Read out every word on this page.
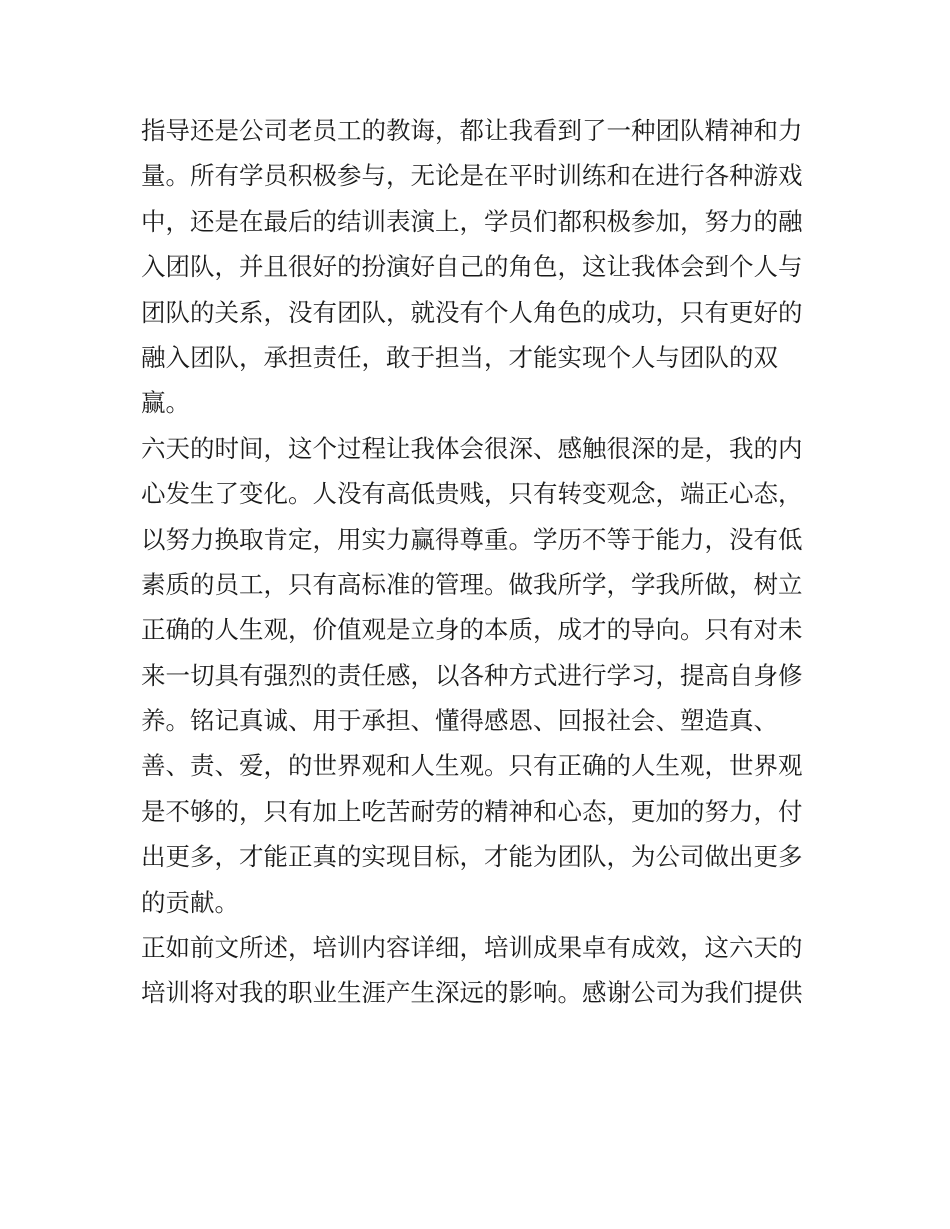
指导还是公司老员工的教诲，都让我看到了一种团队精神和力
量。所有学员积极参与，无论是在平时训练和在进行各种游戏
中，还是在最后的结训表演上，学员们都积极参加，努力的融
入团队，并且很好的扮演好自己的角色，这让我体会到个人与
团队的关系，没有团队，就没有个人角色的成功，只有更好的
融入团队，承担责任，敢于担当，才能实现个人与团队的双
赢。
六天的时间，这个过程让我体会很深、感触很深的是，我的内
心发生了变化。人没有高低贵贱，只有转变观念，端正心态，
以努力换取肯定，用实力赢得尊重。学历不等于能力，没有低
素质的员工，只有高标准的管理。做我所学，学我所做，树立
正确的人生观，价值观是立身的本质，成才的导向。只有对未
来一切具有强烈的责任感，以各种方式进行学习，提高自身修
养。铭记真诚、用于承担、懂得感恩、回报社会、塑造真、
善、责、爱，的世界观和人生观。只有正确的人生观，世界观
是不够的，只有加上吃苦耐劳的精神和心态，更加的努力，付
出更多，才能正真的实现目标，才能为团队，为公司做出更多
的贡献。
正如前文所述，培训内容详细，培训成果卓有成效，这六天的
培训将对我的职业生涯产生深远的影响。感谢公司为我们提供
